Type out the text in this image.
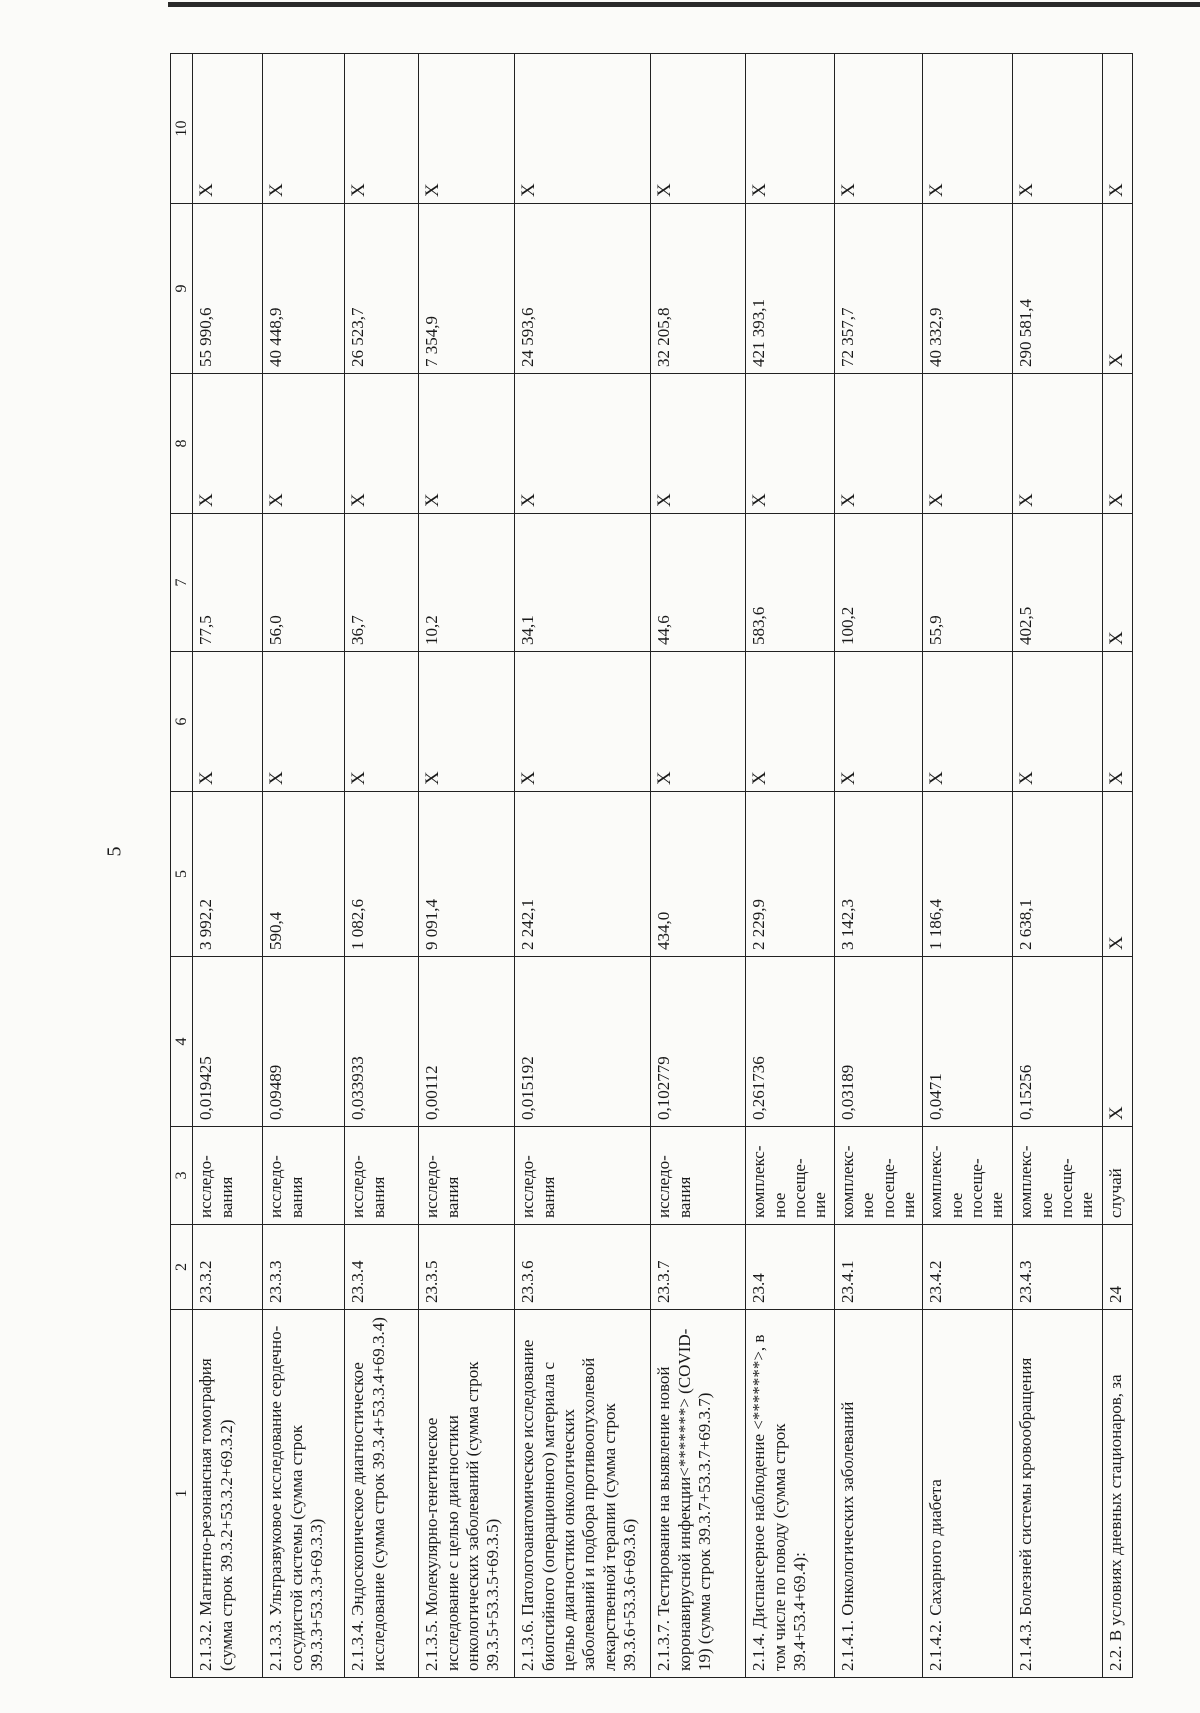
5
1	2	3	4	5	6	7	8	9	10
2.1.3.2. Магнитно-резонансная томография (сумма строк 39.3.2+53.3.2+69.3.2)	23.3.2	исследо-вания	0,019425	3 992,2	Х	77,5	Х	55 990,6	Х
2.1.3.3. Ультразвуковое исследование сердечно-сосудистой системы (сумма строк 39.3.3+53.3.3+69.3.3)	23.3.3	исследо-вания	0,09489	590,4	Х	56,0	Х	40 448,9	Х
2.1.3.4. Эндоскопическое диагностическое исследование (сумма строк 39.3.4+53.3.4+69.3.4)	23.3.4	исследо-вания	0,033933	1 082,6	Х	36,7	Х	26 523,7	Х
2.1.3.5. Молекулярно-генетическое исследование с целью диагностики онкологических заболеваний (сумма строк 39.3.5+53.3.5+69.3.5)	23.3.5	исследо-вания	0,00112	9 091,4	Х	10,2	Х	7 354,9	Х
2.1.3.6. Патологоанатомическое исследование биопсийного (операционного) материала с целью диагностики онкологических заболеваний и подбора противоопухолевой лекарственной терапии (сумма строк 39.3.6+53.3.6+69.3.6)	23.3.6	исследо-вания	0,015192	2 242,1	Х	34,1	Х	24 593,6	Х
2.1.3.7. Тестирование на выявление новой коронавирусной инфекции<*******> (COVID-19) (сумма строк 39.3.7+53.3.7+69.3.7)	23.3.7	исследо-вания	0,102779	434,0	Х	44,6	Х	32 205,8	Х
2.1.4. Диспансерное наблюдение <*******>, в том числе по поводу (сумма строк 39.4+53.4+69.4):	23.4	комплекс-ное посеще-ние	0,261736	2 229,9	Х	583,6	Х	421 393,1	Х
2.1.4.1. Онкологических заболеваний	23.4.1	комплекс-ное посеще-ние	0,03189	3 142,3	Х	100,2	Х	72 357,7	Х
2.1.4.2. Сахарного диабета	23.4.2	комплекс-ное посеще-ние	0,0471	1 186,4	Х	55,9	Х	40 332,9	Х
2.1.4.3. Болезней системы кровообращения	23.4.3	комплекс-ное посеще-ние	0,15256	2 638,1	Х	402,5	Х	290 581,4	Х
2.2. В условиях дневных стационаров, за	24	случай	Х	Х	Х	Х	Х	Х	Х
